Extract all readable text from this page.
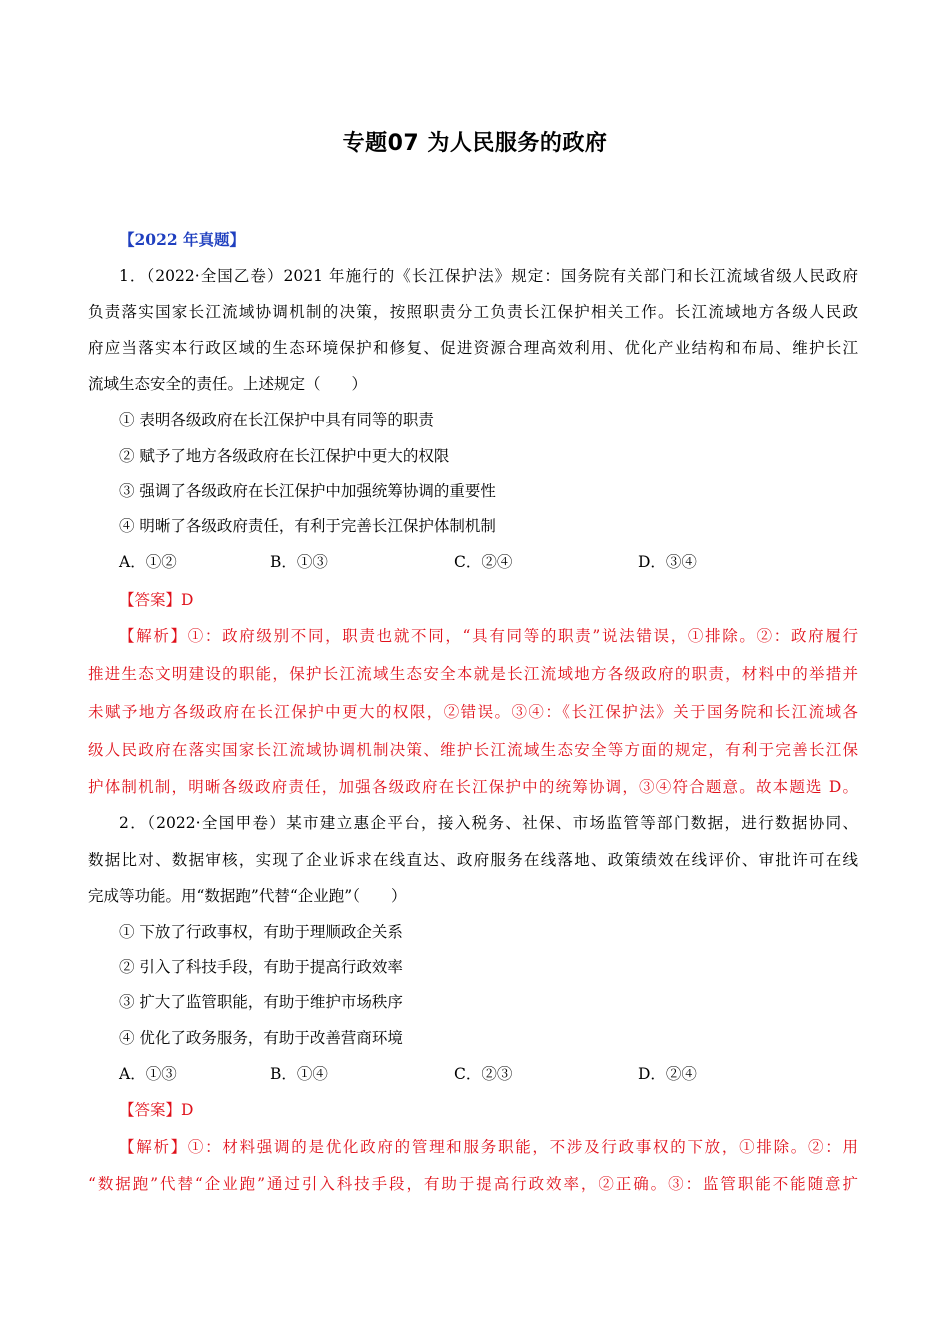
专题07 为人民服务的政府
【2022 年真题】
1．（2022·全国乙卷）2021 年施行的《长江保护法》规定：国务院有关部门和长江流域省级人民政府
负责落实国家长江流域协调机制的决策，按照职责分工负责长江保护相关工作。长江流域地方各级人民政
府应当落实本行政区域的生态环境保护和修复、促进资源合理高效利用、优化产业结构和布局、维护长江
流域生态安全的责任。上述规定（　　）
① 表明各级政府在长江保护中具有同等的职责
② 赋予了地方各级政府在长江保护中更大的权限
③ 强调了各级政府在长江保护中加强统筹协调的重要性
④ 明晰了各级政府责任，有利于完善长江保护体制机制
A．①②	B．①③	C．②④	D．③④
【答案】D
【解析】①：政府级别不同，职责也就不同，“具有同等的职责”说法错误，①排除。②：政府履行
推进生态文明建设的职能，保护长江流域生态安全本就是长江流域地方各级政府的职责，材料中的举措并
未赋予地方各级政府在长江保护中更大的权限，②错误。③④：《长江保护法》关于国务院和长江流域各
级人民政府在落实国家长江流域协调机制决策、维护长江流域生态安全等方面的规定，有利于完善长江保
护体制机制，明晰各级政府责任，加强各级政府在长江保护中的统筹协调，③④符合题意。故本题选 D。
2．（2022·全国甲卷）某市建立惠企平台，接入税务、社保、市场监管等部门数据，进行数据协同、
数据比对、数据审核，实现了企业诉求在线直达、政府服务在线落地、政策绩效在线评价、审批许可在线
完成等功能。用“数据跑”代替“企业跑”（　　）
① 下放了行政事权，有助于理顺政企关系
② 引入了科技手段，有助于提高行政效率
③ 扩大了监管职能，有助于维护市场秩序
④ 优化了政务服务，有助于改善营商环境
A．①③	B．①④	C．②③	D．②④
【答案】D
【解析】①：材料强调的是优化政府的管理和服务职能，不涉及行政事权的下放，①排除。②：用
“数据跑”代替“企业跑”通过引入科技手段，有助于提高行政效率，②正确。③：监管职能不能随意扩
